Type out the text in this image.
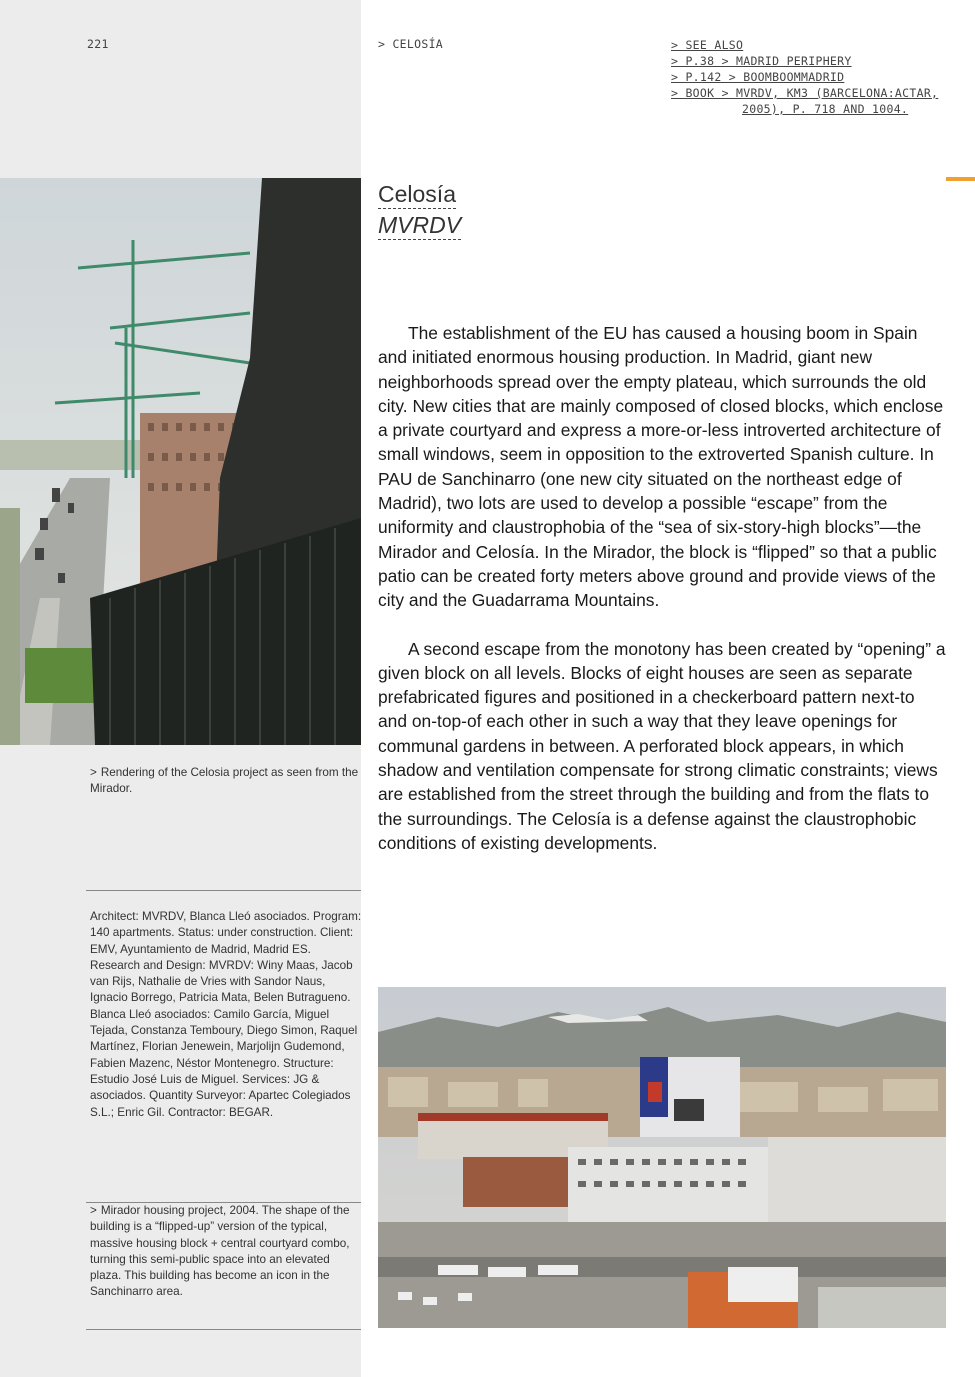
221	> CELOSÍA	> SEE ALSO
> P.38 > MADRID PERIPHERY
> P.142 > BOOMBOOMMADRID
> BOOK > MVRDV, KM3 (BARCELONA:ACTAR,
2005), P. 718 AND 1004.
Celosía
MVRDV

The establishment of the EU has caused a housing boom in Spain and initiated enormous housing production. In Madrid, giant new neighborhoods spread over the empty plateau, which surrounds the old city. New cities that are mainly composed of closed blocks, which enclose a private courtyard and express a more-or-less introverted architecture of small windows, seem in opposition to the extroverted Spanish culture. In PAU de Sanchinarro (one new city situated on the northeast edge of Madrid), two lots are used to develop a possible “escape” from the uniformity and claustrophobia of the “sea of six-story-high blocks”—the Mirador and Celosía. In the Mirador, the block is “flipped” so that a public patio can be created forty meters above ground and provide views of the city and the Guadarrama Mountains.

A second escape from the monotony has been created by “opening” a given block on all levels. Blocks of eight houses are seen as separate prefabricated figures and positioned in a checkerboard pattern next-to and on-top-of each other in such a way that they leave openings for communal gardens in between. A perforated block appears, in which shadow and ventilation compensate for strong climatic constraints; views are established from the street through the building and from the flats to the surroundings. The Celosía is a defense against the claustrophobic conditions of existing developments.

> Rendering of the Celosia project as seen from the Mirador.
Architect: MVRDV, Blanca Lleó asociados. Program: 140 apartments. Status: under construction. Client: EMV, Ayuntamiento de Madrid, Madrid ES.
Research and Design: MVRDV: Winy Maas, Jacob van Rijs, Nathalie de Vries with Sandor Naus, Ignacio Borrego, Patricia Mata, Belen Butragueno.
Blanca Lleó asociados: Camilo García, Miguel Tejada, Constanza Temboury, Diego Simon, Raquel Martínez, Florian Jenewein, Marjolijn Gudemond, Fabien Mazenc, Néstor Montenegro. Structure: Estudio José Luis de Miguel. Services: JG & asociados. Quantity Surveyor: Apartec Colegiados S.L.; Enric Gil. Contractor: BEGAR.
> Mirador housing project, 2004. The shape of the building is a “flipped-up” version of the typical, massive housing block + central courtyard combo, turning this semi-public space into an elevated plaza. This building has become an icon in the Sanchinarro area.
